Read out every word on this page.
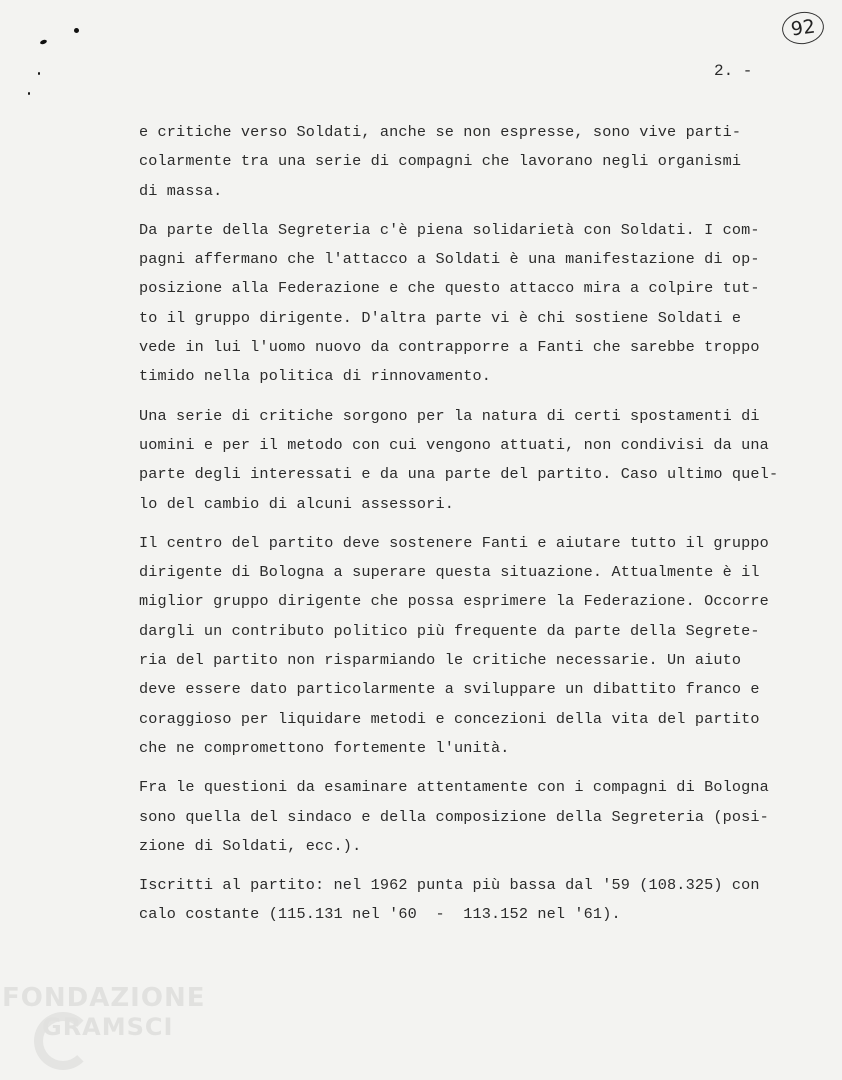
92
2. -

e critiche verso Soldati, anche se non espresse, sono vive parti-
colarmente tra una serie di compagni che lavorano negli organismi
di massa.

Da parte della Segreteria c'è piena solidarietà con Soldati. I com-
pagni affermano che l'attacco a Soldati è una manifestazione di op-
posizione alla Federazione e che questo attacco mira a colpire tut-
to il gruppo dirigente. D'altra parte vi è chi sostiene Soldati e
vede in lui l'uomo nuovo da contrapporre a Fanti che sarebbe troppo
timido nella politica di rinnovamento.

Una serie di critiche sorgono per la natura di certi spostamenti di
uomini e per il metodo con cui vengono attuati, non condivisi da una
parte degli interessati e da una parte del partito. Caso ultimo quel-
lo del cambio di alcuni assessori.

Il centro del partito deve sostenere Fanti e aiutare tutto il gruppo
dirigente di Bologna a superare questa situazione. Attualmente è il
miglior gruppo dirigente che possa esprimere la Federazione. Occorre
dargli un contributo politico più frequente da parte della Segrete-
ria del partito non risparmiando le critiche necessarie. Un aiuto
deve essere dato particolarmente a sviluppare un dibattito franco e
coraggioso per liquidare metodi e concezioni della vita del partito
che ne compromettono fortemente l'unità.

Fra le questioni da esaminare attentamente con i compagni di Bologna
sono quella del sindaco e della composizione della Segreteria (posi-
zione di Soldati, ecc.).

Iscritti al partito: nel 1962 punta più bassa dal '59 (108.325) con
calo costante (115.131 nel '60  -  113.152 nel '61).

FONDAZIONE
GRAMSCI
